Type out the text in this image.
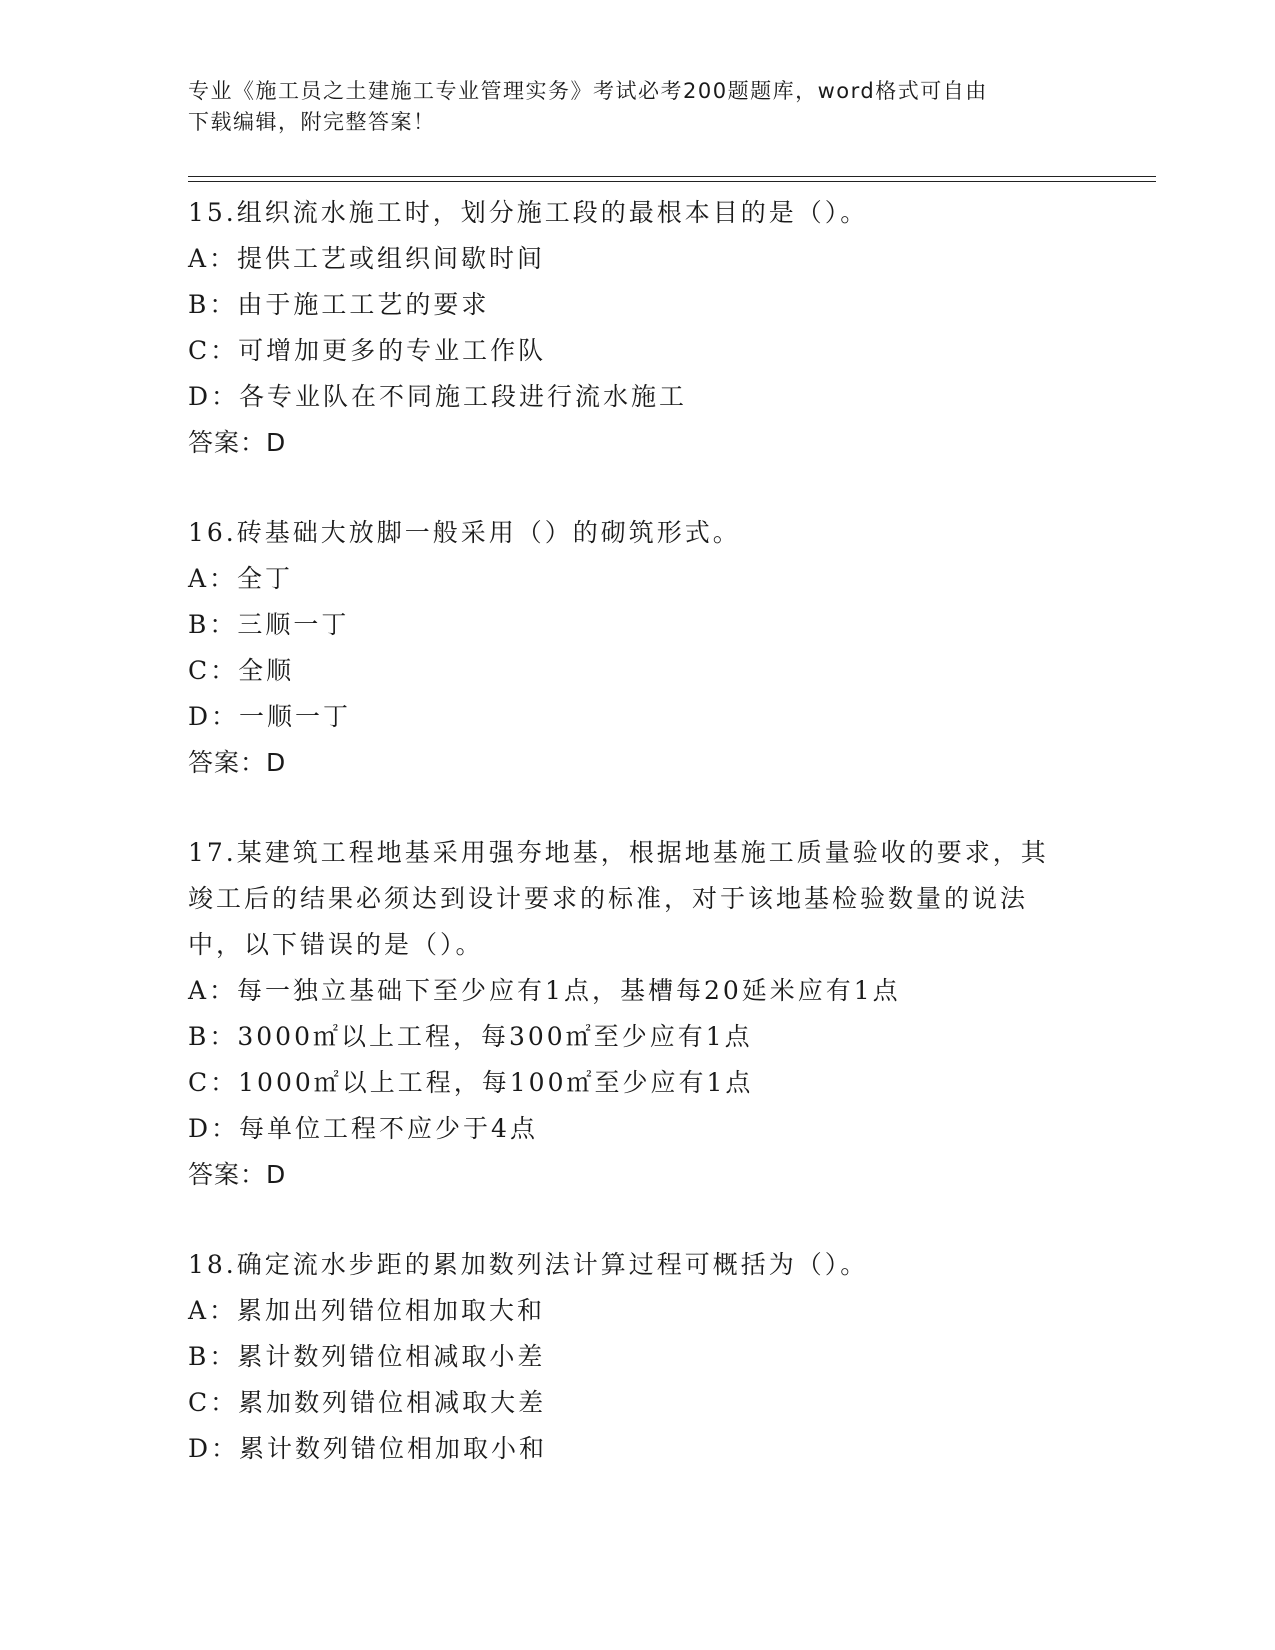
专业《施工员之土建施工专业管理实务》考试必考200题题库，word格式可自由
下载编辑，附完整答案！
15.组织流水施工时，划分施工段的最根本目的是（）。
A：提供工艺或组织间歇时间
B：由于施工工艺的要求
C：可增加更多的专业工作队
D：各专业队在不同施工段进行流水施工
答案：D
16.砖基础大放脚一般采用（）的砌筑形式。
A：全丁
B：三顺一丁
C：全顺
D：一顺一丁
答案：D
17.某建筑工程地基采用强夯地基，根据地基施工质量验收的要求，其
竣工后的结果必须达到设计要求的标准，对于该地基检验数量的说法
中，以下错误的是（）。
A：每一独立基础下至少应有1点，基槽每20延米应有1点
B：3000㎡以上工程，每300㎡至少应有1点
C：1000㎡以上工程，每100㎡至少应有1点
D：每单位工程不应少于4点
答案：D
18.确定流水步距的累加数列法计算过程可概括为（）。
A：累加出列错位相加取大和
B：累计数列错位相减取小差
C：累加数列错位相减取大差
D：累计数列错位相加取小和
